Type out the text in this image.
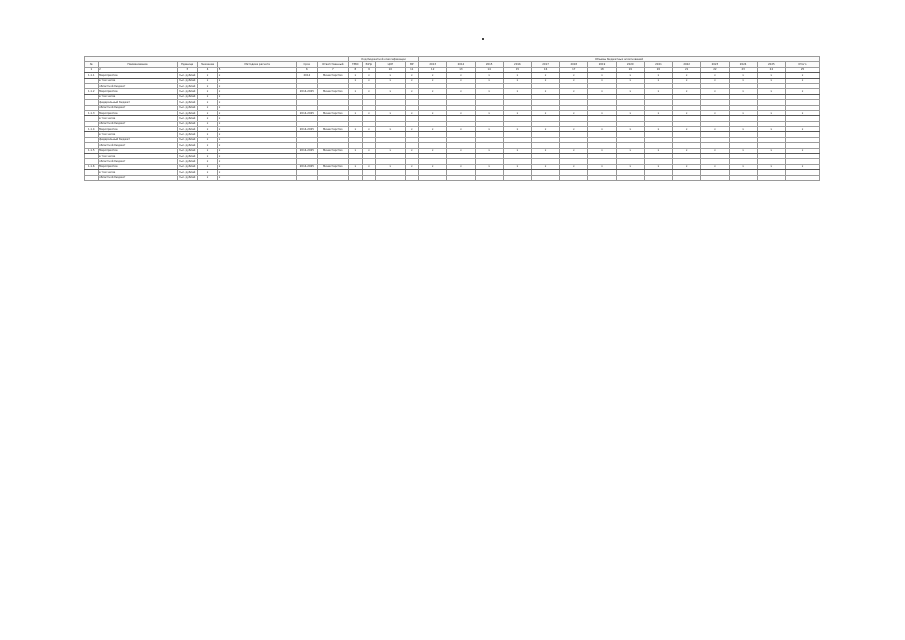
							Код бюджетной классификации				Объемы бюджетных ассигнований													
№	Наименование	Единица	Значение	Методика расчета	Срок	Ответственный	ГРБС	РзПр	ЦСР	ВР	2013	2014	2015	2016	2017	2018	2019	2020	2021	2022	2023	2024	2025	Итого
1	2	3	4	5	6	7	8	9	10	11	12	13	14	15	16	17	18	19	20	21	22	23	24	25
1.1.1	Мероприятие	тыс. рублей	х	х	2014	Министерство	х	х	х	х	х	х	х	х	х	х	х	х	х	х	х	х	х	х
	в том числе	тыс. рублей	х	х			х	х	х	х	х	х	х	х	х	х	х	х	х	х	х	х	х	х
	областной бюджет	тыс. рублей	х	х																				
1.1.2	Мероприятие	тыс. рублей	х	х	2014-2025	Министерство	х	х	х	х	х	х	х	х	х	х	х	х	х	х	х	х	х	х
	в том числе	тыс. рублей	х	х																				
	федеральный бюджет	тыс. рублей	х	х																				
	областной бюджет	тыс. рублей	х	х																				
1.1.3	Мероприятие	тыс. рублей	х	х	2014-2025	Министерство	х	х	х	х	х	х	х	х	х	х	х	х	х	х	х	х	х	х
	в том числе	тыс. рублей	х	х																				
	областной бюджет	тыс. рублей	х	х																				
1.1.4	Мероприятие	тыс. рублей	х	х	2014-2025	Министерство	х	х	х	х	х	х	х	х	х	х	х	х	х	х	х	х	х	х
	в том числе	тыс. рублей	х	х																				
	федеральный бюджет	тыс. рублей	х	х																				
	областной бюджет	тыс. рублей	х	х																				
1.1.5	Мероприятие	тыс. рублей	х	х	2014-2025	Министерство	х	х	х	х	х	х	х	х	х	х	х	х	х	х	х	х	х	х
	в том числе	тыс. рублей	х	х																				
	областной бюджет	тыс. рублей	х	х																				
1.1.6	Мероприятие	тыс. рублей	х	х	2014-2025	Министерство	х	х	х	х	х	х	х	х	х	х	х	х	х	х	х	х	х	х
	в том числе	тыс. рублей	х	х																				
	областной бюджет	тыс. рублей	х	х																				
